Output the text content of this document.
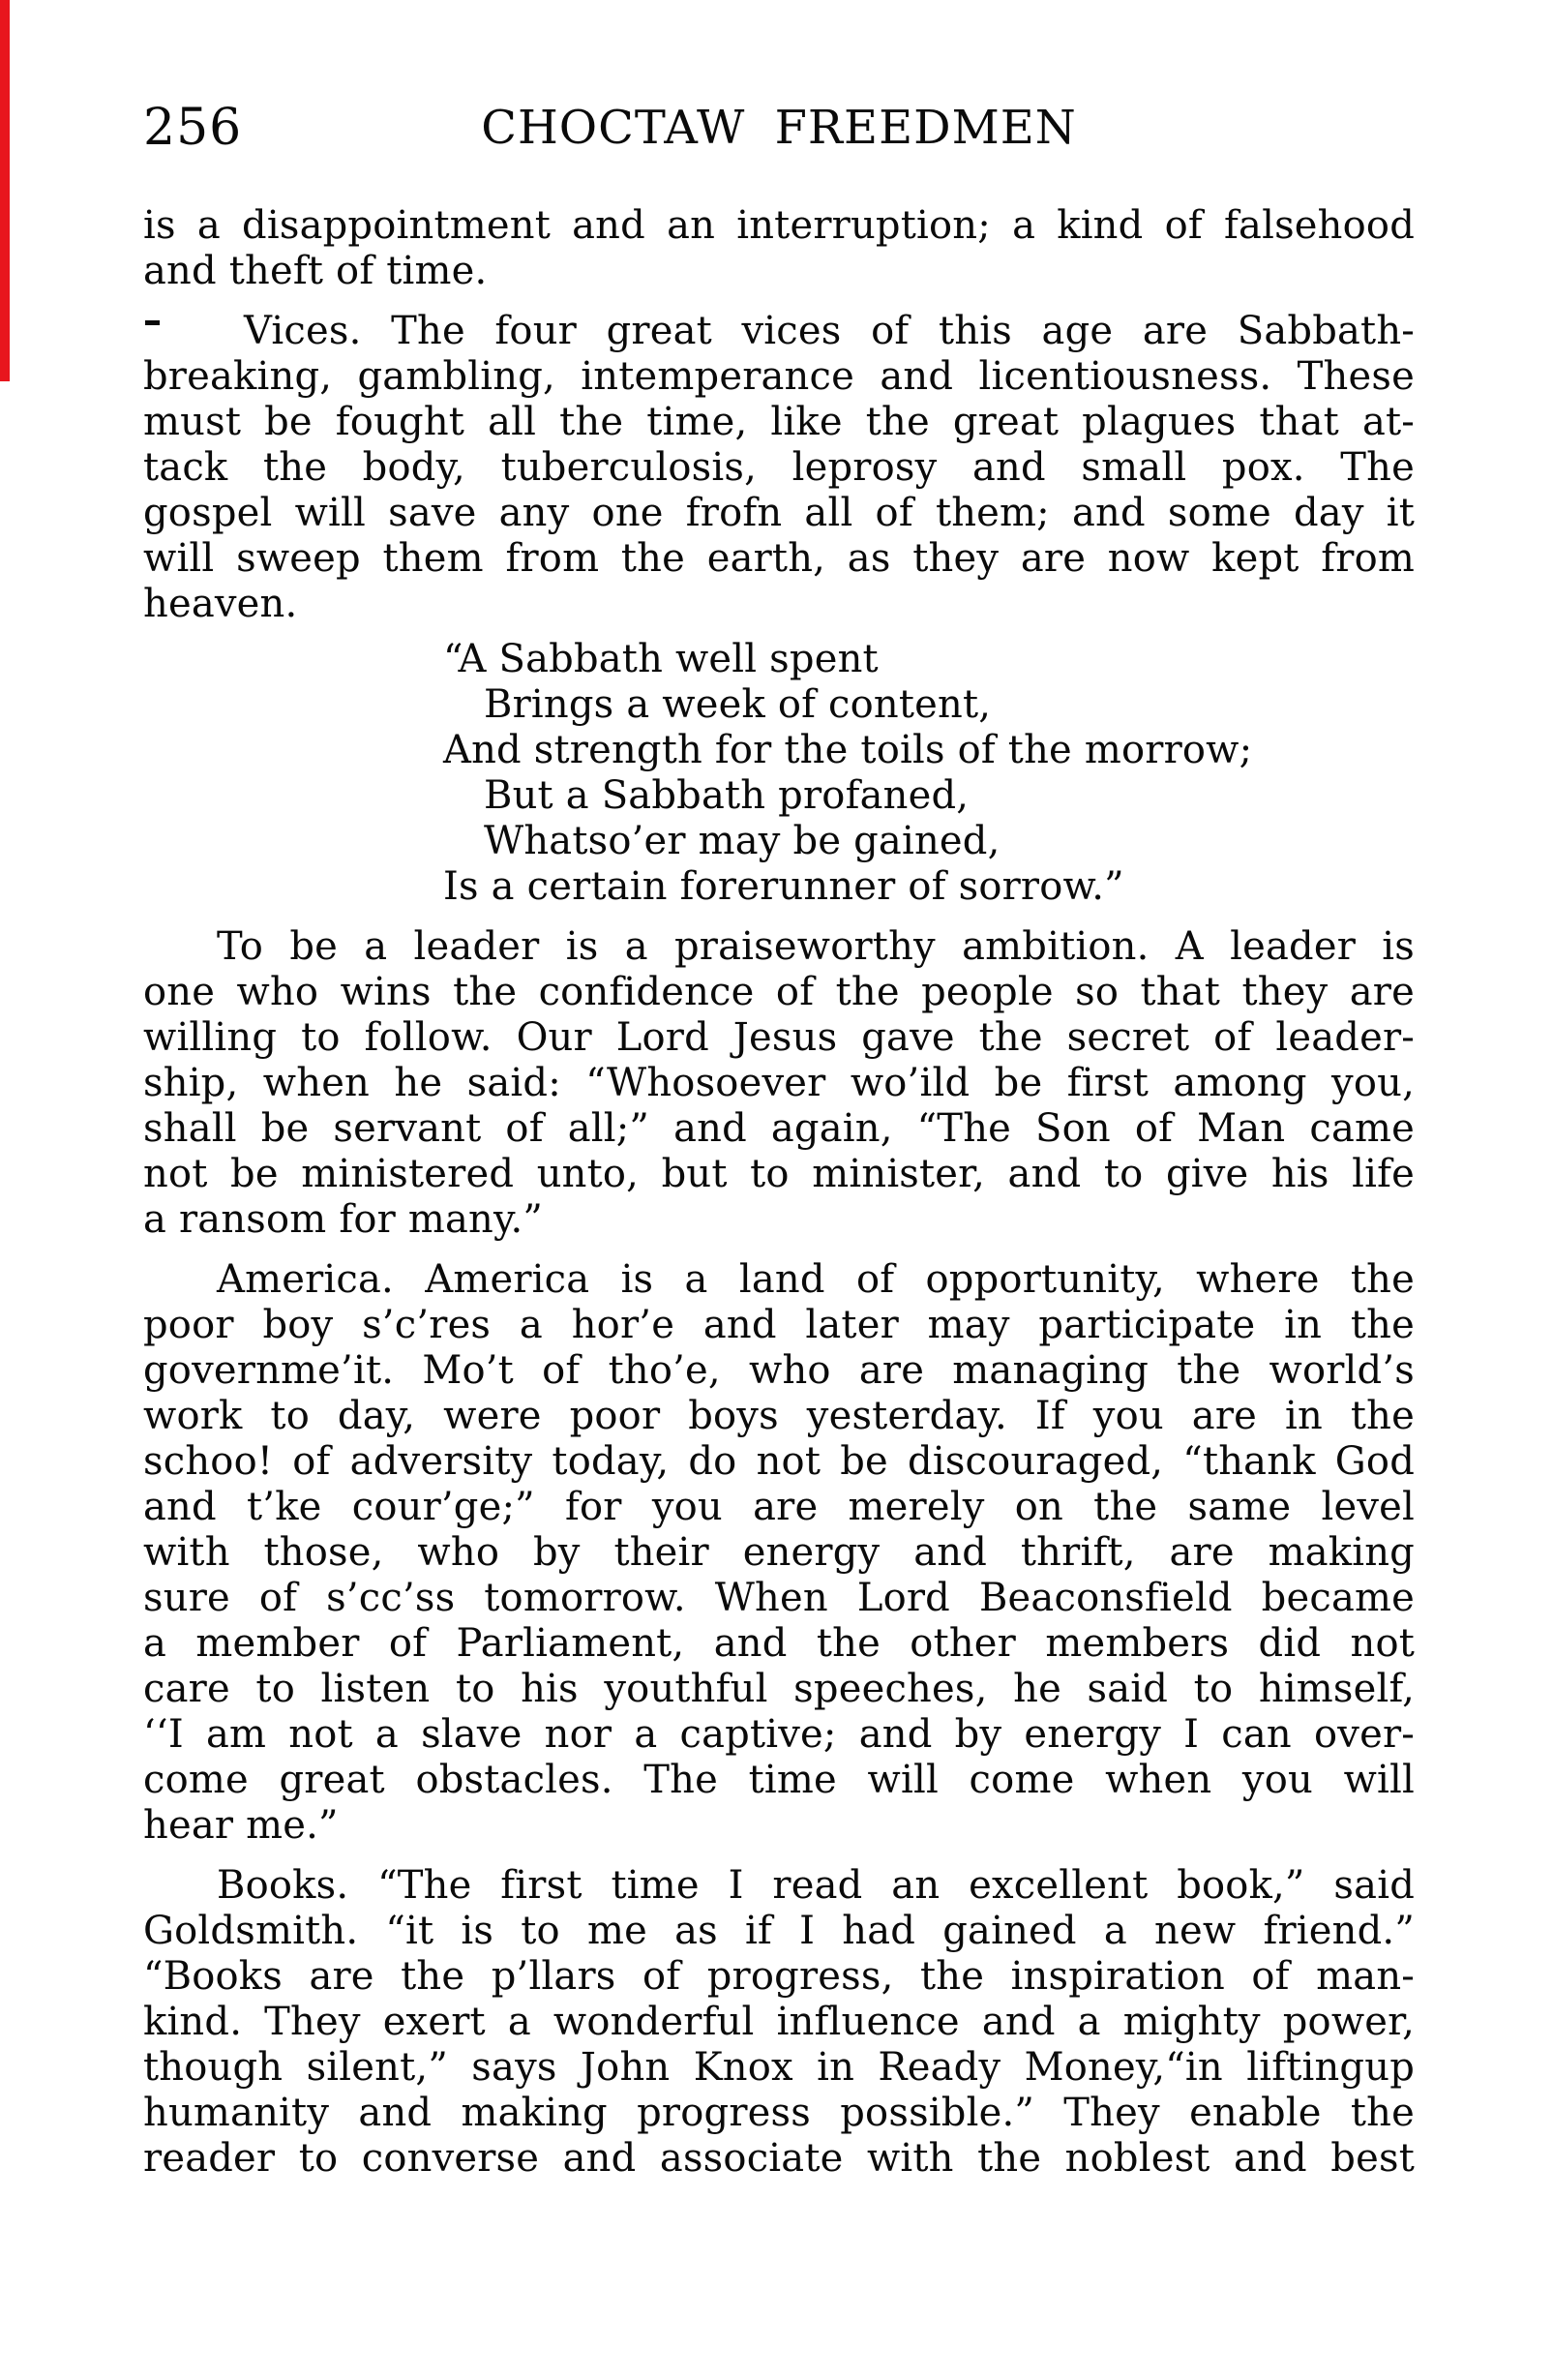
256	CHOCTAW FREEDMEN
is a disappointment and an interruption; a kind of falsehood
and theft of time.
Vices. The four great vices of this age are Sabbath-
breaking, gambling, intemperance and licentiousness. These
must be fought all the time, like the great plagues that at-
tack the body, tuberculosis, leprosy and small pox. The
gospel will save any one frofn all of them; and some day it
will sweep them from the earth, as they are now kept from
heaven.
“A Sabbath well spent
Brings a week of content,
And strength for the toils of the morrow;
But a Sabbath profaned,
Whatso’er may be gained,
Is a certain forerunner of sorrow.”
To be a leader is a praiseworthy ambition. A leader is
one who wins the confidence of the people so that they are
willing to follow. Our Lord Jesus gave the secret of leader-
ship, when he said: “Whosoever wo’ild be first among you,
shall be servant of all;” and again, “The Son of Man came
not be ministered unto, but to minister, and to give his life
a ransom for many.”
America. America is a land of opportunity, where the
poor boy s’c’res a hor’e and later may participate in the
governme’it. Mo’t of tho’e, who are managing the world’s
work to day, were poor boys yesterday. If you are in the
schoo! of adversity today, do not be discouraged, “thank God
and t’ke cour’ge;” for you are merely on the same level
with those, who by their energy and thrift, are making
sure of s’cc’ss tomorrow. When Lord Beaconsfield became
a member of Parliament, and the other members did not
care to listen to his youthful speeches, he said to himself,
‘‘I am not a slave nor a captive; and by energy I can over-
come great obstacles. The time will come when you will
hear me.”
Books. “The first time I read an excellent book,” said
Goldsmith. “it is to me as if I had gained a new friend.”
“Books are the p’llars of progress, the inspiration of man-
kind. They exert a wonderful influence and a mighty power,
though silent,” says John Knox in Ready Money,“in liftingup
humanity and making progress possible.” They enable the
reader to converse and associate with the noblest and best
